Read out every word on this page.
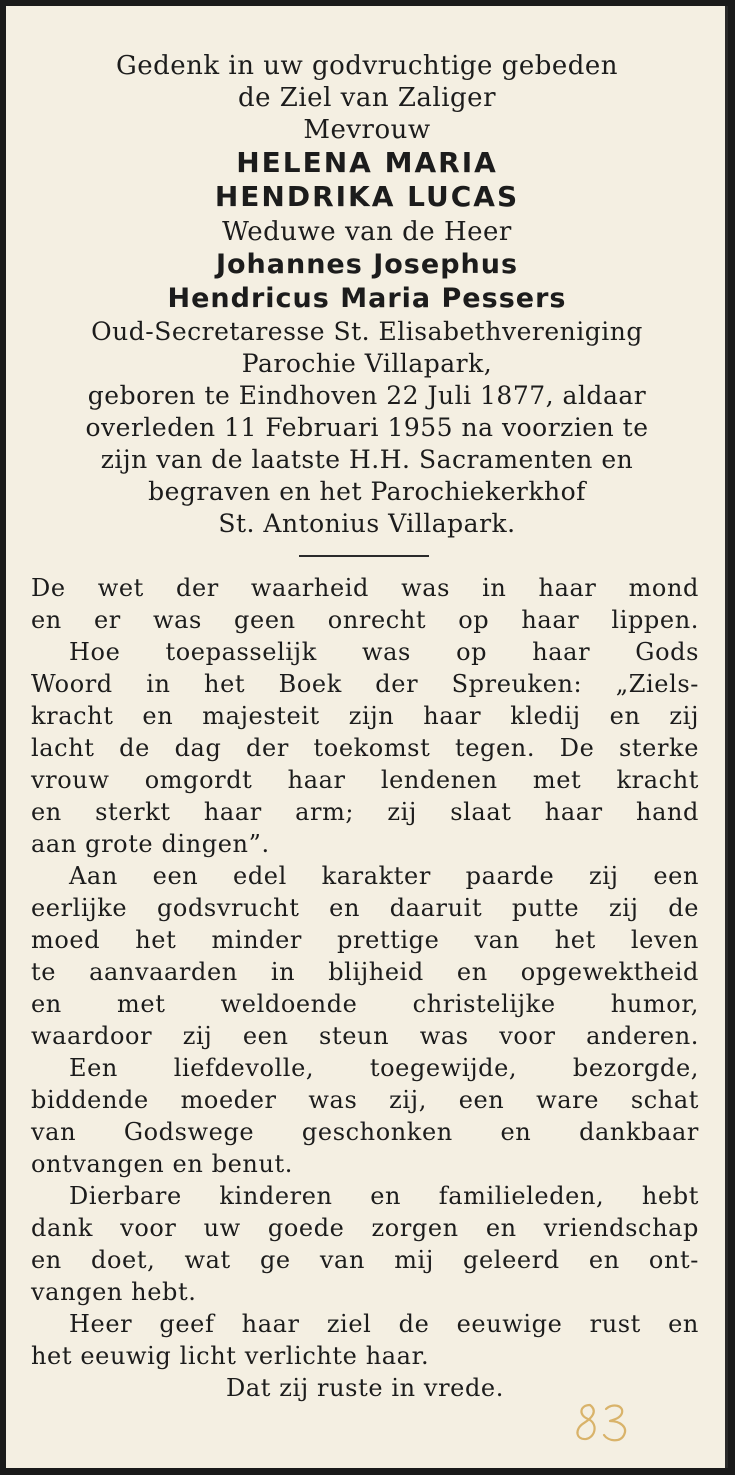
Gedenk in uw godvruchtige gebeden
de Ziel van Zaliger
Mevrouw
HELENA MARIA
HENDRIKA LUCAS
Weduwe van de Heer
Johannes Josephus
Hendricus Maria Pessers
Oud-Secretaresse St. Elisabethvereniging
Parochie Villapark,
geboren te Eindhoven 22 Juli 1877, aldaar
overleden 11 Februari 1955 na voorzien te
zijn van de laatste H.H. Sacramenten en
begraven en het Parochiekerkhof
St. Antonius Villapark.
De wet der waarheid was in haar mond
en er was geen onrecht op haar lippen.
Hoe toepasselijk was op haar Gods
Woord in het Boek der Spreuken: „Ziels-
kracht en majesteit zijn haar kledij en zij
lacht de dag der toekomst tegen. De sterke
vrouw omgordt haar lendenen met kracht
en sterkt haar arm; zij slaat haar hand
aan grote dingen”.
Aan een edel karakter paarde zij een
eerlijke godsvrucht en daaruit putte zij de
moed het minder prettige van het leven
te aanvaarden in blijheid en opgewektheid
en met weldoende christelijke humor,
waardoor zij een steun was voor anderen.
Een liefdevolle, toegewijde, bezorgde,
biddende moeder was zij, een ware schat
van Godswege geschonken en dankbaar
ontvangen en benut.
Dierbare kinderen en familieleden, hebt
dank voor uw goede zorgen en vriendschap
en doet, wat ge van mij geleerd en ont-
vangen hebt.
Heer geef haar ziel de eeuwige rust en
het eeuwig licht verlichte haar.
Dat zij ruste in vrede.
